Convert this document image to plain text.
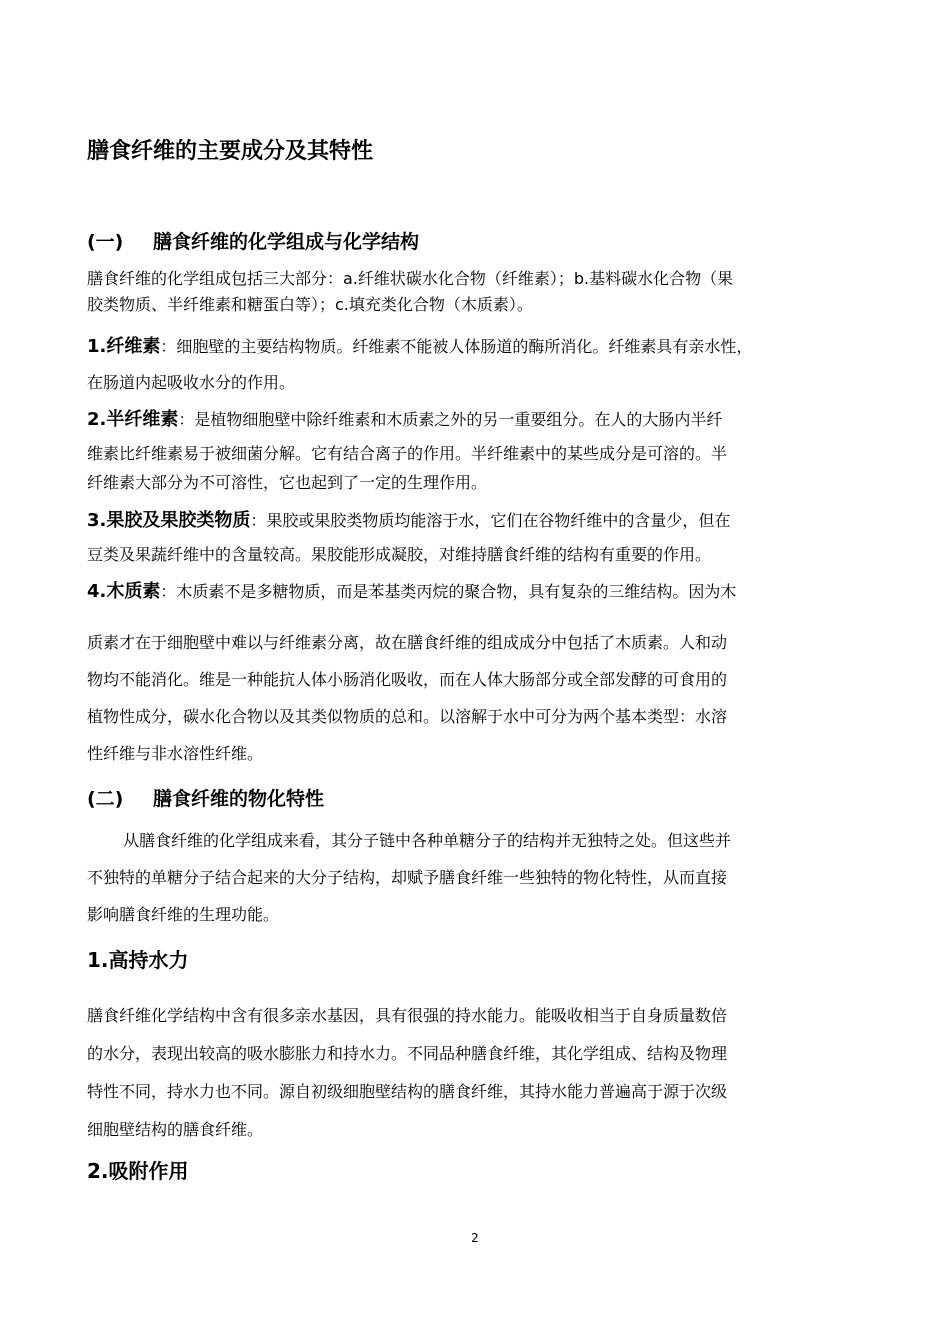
膳食纤维的主要成分及其特性
(一) 膳食纤维的化学组成与化学结构
膳食纤维的化学组成包括三大部分：a.纤维状碳水化合物（纤维素）；b.基料碳水化合物（果
胶类物质、半纤维素和糖蛋白等）；c.填充类化合物（木质素）。
1.纤维素：细胞壁的主要结构物质。纤维素不能被人体肠道的酶所消化。纤维素具有亲水性，
在肠道内起吸收水分的作用。
2.半纤维素：是植物细胞壁中除纤维素和木质素之外的另一重要组分。在人的大肠内半纤
维素比纤维素易于被细菌分解。它有结合离子的作用。半纤维素中的某些成分是可溶的。半
纤维素大部分为不可溶性，它也起到了一定的生理作用。
3.果胶及果胶类物质：果胶或果胶类物质均能溶于水，它们在谷物纤维中的含量少，但在
豆类及果蔬纤维中的含量较高。果胶能形成凝胶，对维持膳食纤维的结构有重要的作用。
4.木质素：木质素不是多糖物质，而是苯基类丙烷的聚合物，具有复杂的三维结构。因为木
质素才在于细胞壁中难以与纤维素分离，故在膳食纤维的组成成分中包括了木质素。人和动
物均不能消化。维是一种能抗人体小肠消化吸收，而在人体大肠部分或全部发酵的可食用的
植物性成分，碳水化合物以及其类似物质的总和。以溶解于水中可分为两个基本类型：水溶
性纤维与非水溶性纤维。
(二) 膳食纤维的物化特性
从膳食纤维的化学组成来看，其分子链中各种单糖分子的结构并无独特之处。但这些并
不独特的单糖分子结合起来的大分子结构，却赋予膳食纤维一些独特的物化特性，从而直接
影响膳食纤维的生理功能。
1.高持水力
膳食纤维化学结构中含有很多亲水基因，具有很强的持水能力。能吸收相当于自身质量数倍
的水分，表现出较高的吸水膨胀力和持水力。不同品种膳食纤维，其化学组成、结构及物理
特性不同，持水力也不同。源自初级细胞壁结构的膳食纤维，其持水能力普遍高于源于次级
细胞壁结构的膳食纤维。
2.吸附作用
2
